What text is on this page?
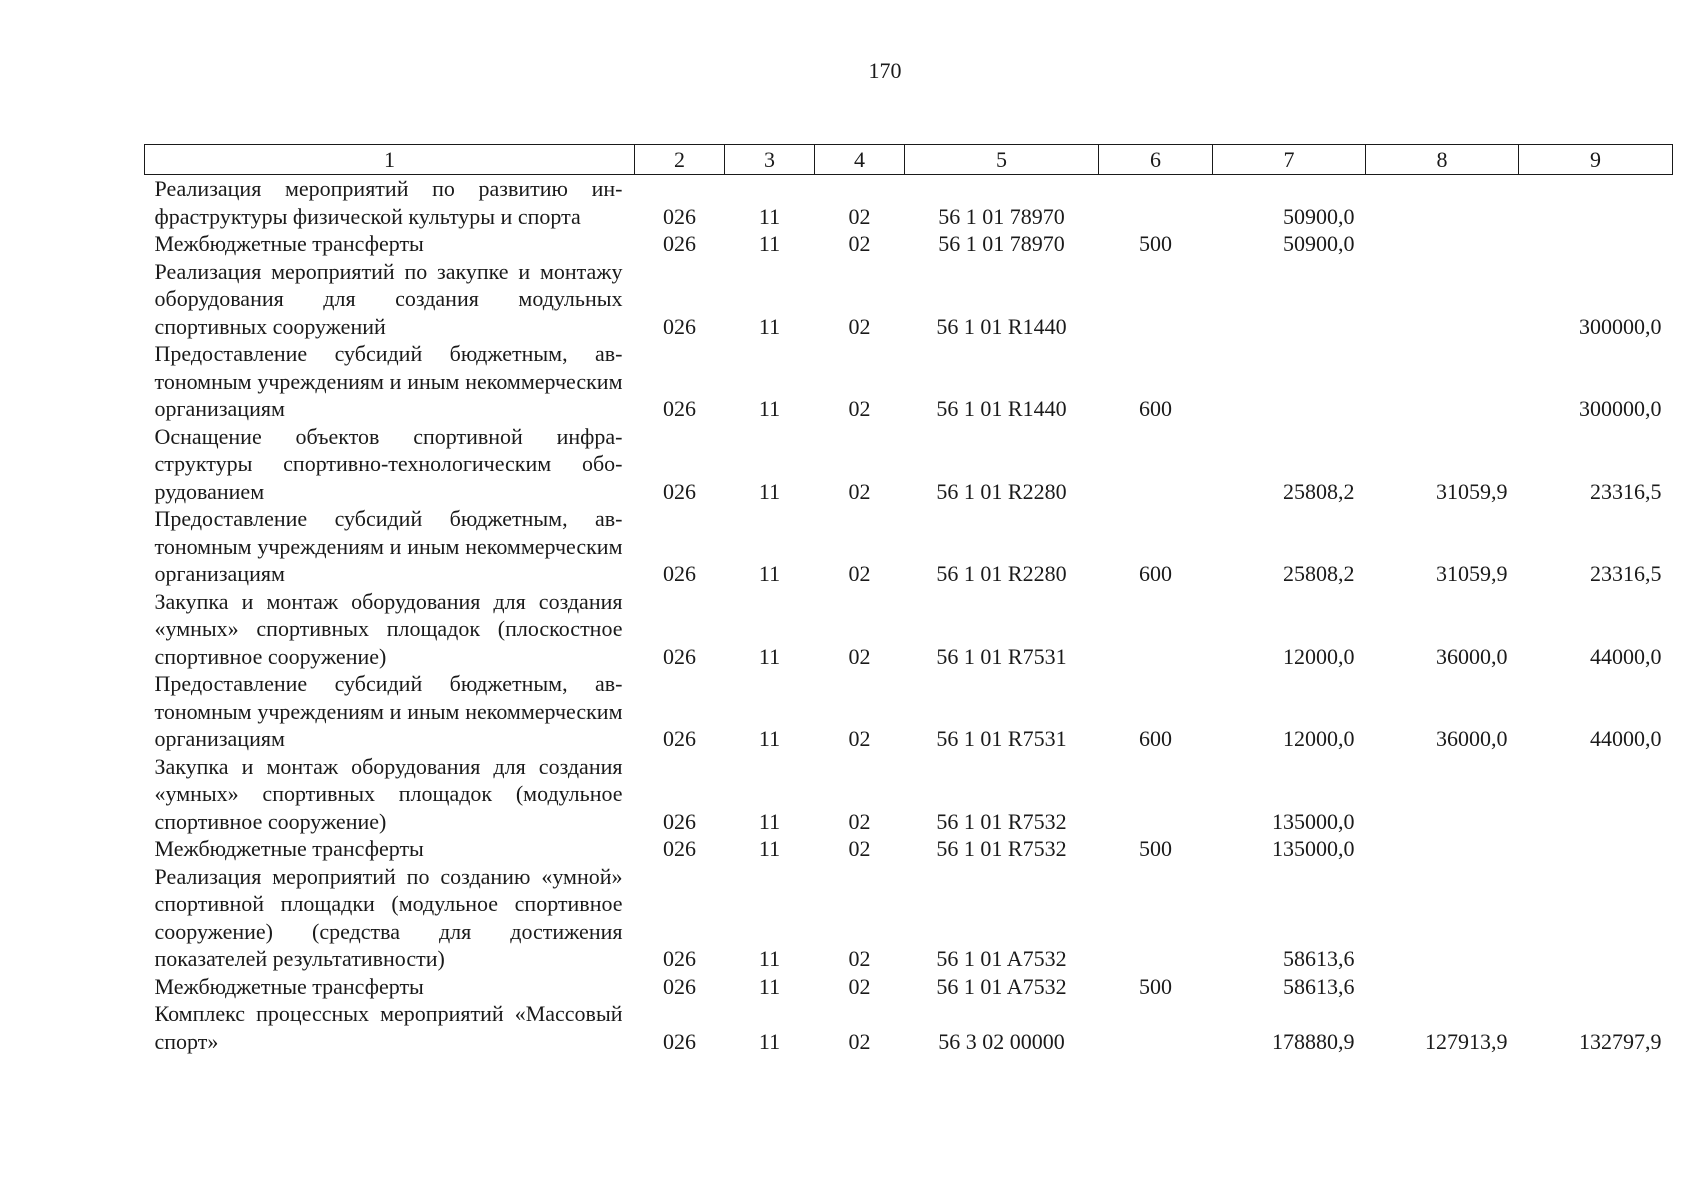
170
1	2	3	4	5	6	7	8	9
Реализация мероприятий по развитию инфраструктуры физической культуры и спорта	026	11	02	56 1 01 78970		50900,0		
Межбюджетные трансферты	026	11	02	56 1 01 78970	500	50900,0		
Реализация мероприятий по закупке и монтажу оборудования для создания модульных спортивных сооружений	026	11	02	56 1 01 R1440				300000,0
Предоставление субсидий бюджетным, автономным учреждениям и иным некоммерческим организациям	026	11	02	56 1 01 R1440	600			300000,0
Оснащение объектов спортивной инфраструктуры спортивно-технологическим оборудованием	026	11	02	56 1 01 R2280		25808,2	31059,9	23316,5
Предоставление субсидий бюджетным, автономным учреждениям и иным некоммерческим организациям	026	11	02	56 1 01 R2280	600	25808,2	31059,9	23316,5
Закупка и монтаж оборудования для создания «умных» спортивных площадок (плоскостное спортивное сооружение)	026	11	02	56 1 01 R7531		12000,0	36000,0	44000,0
Предоставление субсидий бюджетным, автономным учреждениям и иным некоммерческим организациям	026	11	02	56 1 01 R7531	600	12000,0	36000,0	44000,0
Закупка и монтаж оборудования для создания «умных» спортивных площадок (модульное спортивное сооружение)	026	11	02	56 1 01 R7532		135000,0		
Межбюджетные трансферты	026	11	02	56 1 01 R7532	500	135000,0		
Реализация мероприятий по созданию «умной» спортивной площадки (модульное спортивное сооружение) (средства для достижения показателей результативности)	026	11	02	56 1 01 A7532		58613,6		
Межбюджетные трансферты	026	11	02	56 1 01 A7532	500	58613,6		
Комплекс процессных мероприятий «Массовый спорт»	026	11	02	56 3 02 00000		178880,9	127913,9	132797,9
